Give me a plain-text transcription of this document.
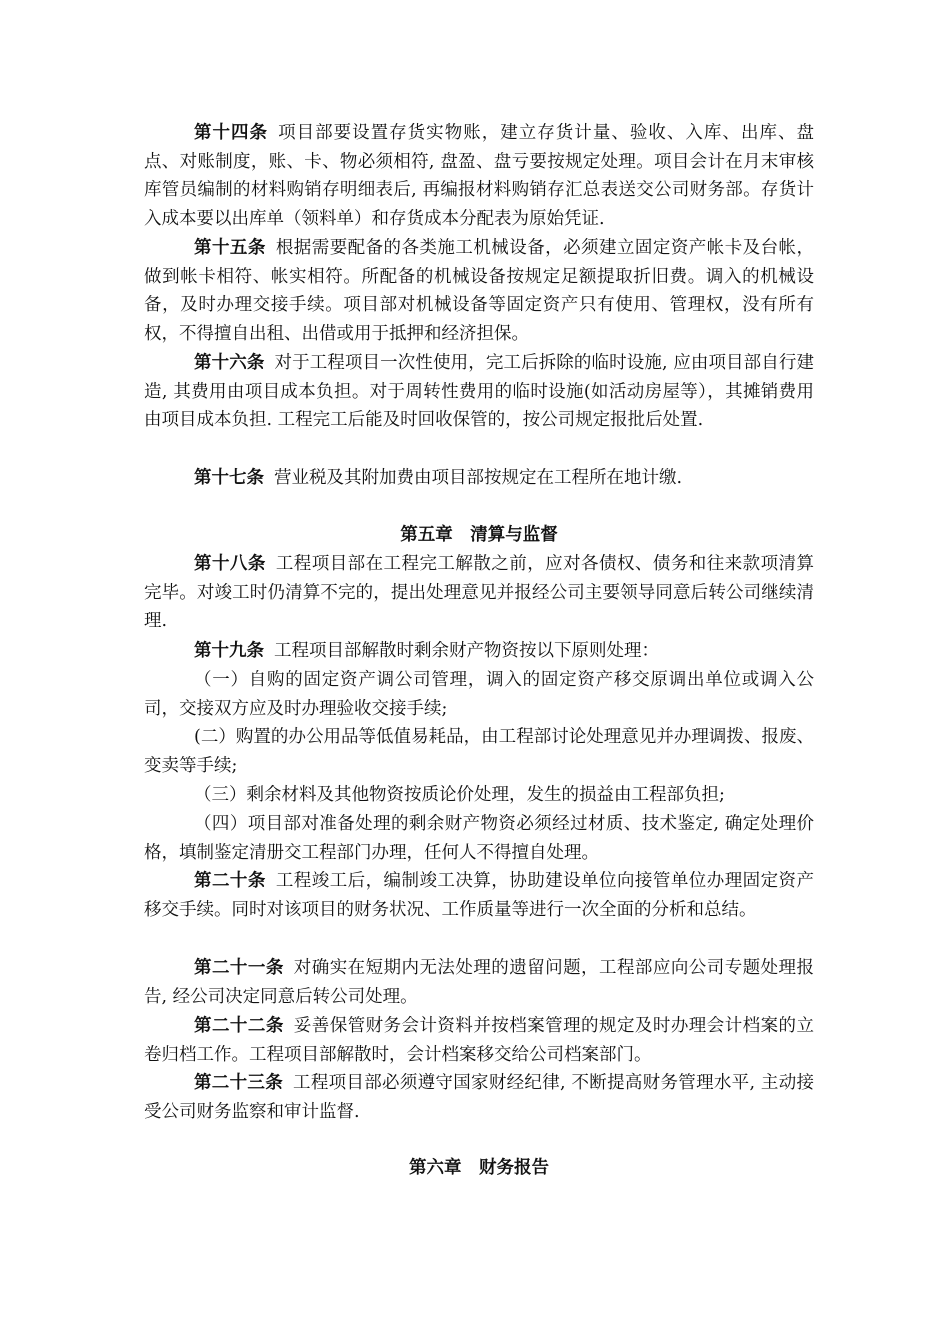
第十四条 项目部要设置存货实物账，建立存货计量、验收、入库、出库、盘点、对账制度，账、卡、物必须相符, 盘盈、盘亏要按规定处理。项目会计在月末审核库管员编制的材料购销存明细表后, 再编报材料购销存汇总表送交公司财务部。存货计入成本要以出库单（领料单）和存货成本分配表为原始凭证.

第十五条 根据需要配备的各类施工机械设备，必须建立固定资产帐卡及台帐，做到帐卡相符、帐实相符。所配备的机械设备按规定足额提取折旧费。调入的机械设备，及时办理交接手续。项目部对机械设备等固定资产只有使用、管理权，没有所有权，不得擅自出租、出借或用于抵押和经济担保。

第十六条 对于工程项目一次性使用，完工后拆除的临时设施, 应由项目部自行建造, 其费用由项目成本负担。对于周转性费用的临时设施(如活动房屋等），其摊销费用由项目成本负担. 工程完工后能及时回收保管的，按公司规定报批后处置.

第十七条 营业税及其附加费由项目部按规定在工程所在地计缴.

第五章　清算与监督

第十八条 工程项目部在工程完工解散之前，应对各债权、债务和往来款项清算完毕。对竣工时仍清算不完的，提出处理意见并报经公司主要领导同意后转公司继续清理.

第十九条 工程项目部解散时剩余财产物资按以下原则处理：

（一）自购的固定资产调公司管理，调入的固定资产移交原调出单位或调入公司，交接双方应及时办理验收交接手续;

(二）购置的办公用品等低值易耗品，由工程部讨论处理意见并办理调拨、报废、变卖等手续;

（三）剩余材料及其他物资按质论价处理，发生的损益由工程部负担;

（四）项目部对准备处理的剩余财产物资必须经过材质、技术鉴定, 确定处理价格，填制鉴定清册交工程部门办理，任何人不得擅自处理。

第二十条 工程竣工后，编制竣工决算，协助建设单位向接管单位办理固定资产移交手续。同时对该项目的财务状况、工作质量等进行一次全面的分析和总结。

第二十一条 对确实在短期内无法处理的遗留问题，工程部应向公司专题处理报告, 经公司决定同意后转公司处理。

第二十二条 妥善保管财务会计资料并按档案管理的规定及时办理会计档案的立卷归档工作。工程项目部解散时，会计档案移交给公司档案部门。

第二十三条 工程项目部必须遵守国家财经纪律, 不断提高财务管理水平, 主动接受公司财务监察和审计监督.

第六章　财务报告
